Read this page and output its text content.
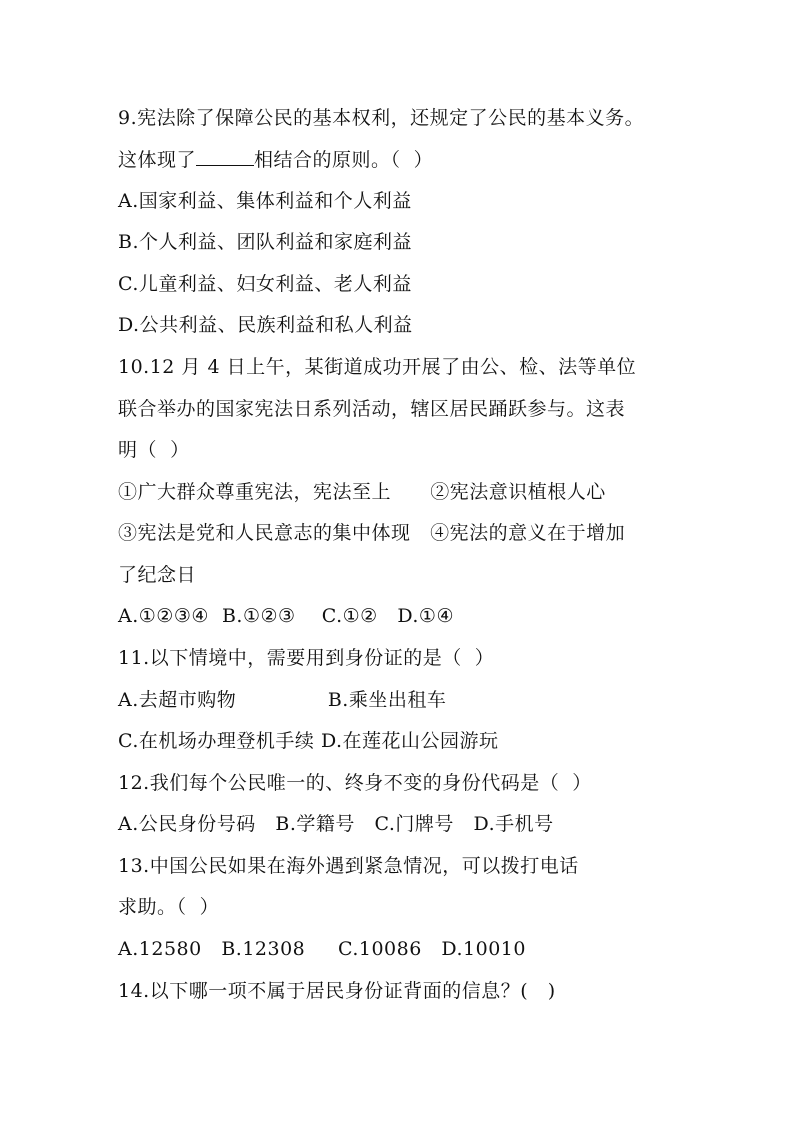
9.宪法除了保障公民的基本权利，还规定了公民的基本义务。
这体现了	相结合的原则。（  ）
A.国家利益、集体利益和个人利益
B.个人利益、团队利益和家庭利益
C.儿童利益、妇女利益、老人利益
D.公共利益、民族利益和私人利益
10.12 月 4 日上午，某街道成功开展了由公、检、法等单位
联合举办的国家宪法日系列活动，辖区居民踊跃参与。这表
明（  ）
①广大群众尊重宪法，宪法至上      ②宪法意识植根人心
③宪法是党和人民意志的集中体现   ④宪法的意义在于增加
了纪念日
A.①②③④  B.①②③    C.①②   D.①④
11.以下情境中，需要用到身份证的是（  ）
A.去超市购物              B.乘坐出租车
C.在机场办理登机手续 D.在莲花山公园游玩
12.我们每个公民唯一的、终身不变的身份代码是（  ）
A.公民身份号码   B.学籍号   C.门牌号   D.手机号
13.中国公民如果在海外遇到紧急情况，可以拨打电话
求助。（  ）
A.12580   B.12308     C.10086   D.10010
14.以下哪一项不属于居民身份证背面的信息？(   )
